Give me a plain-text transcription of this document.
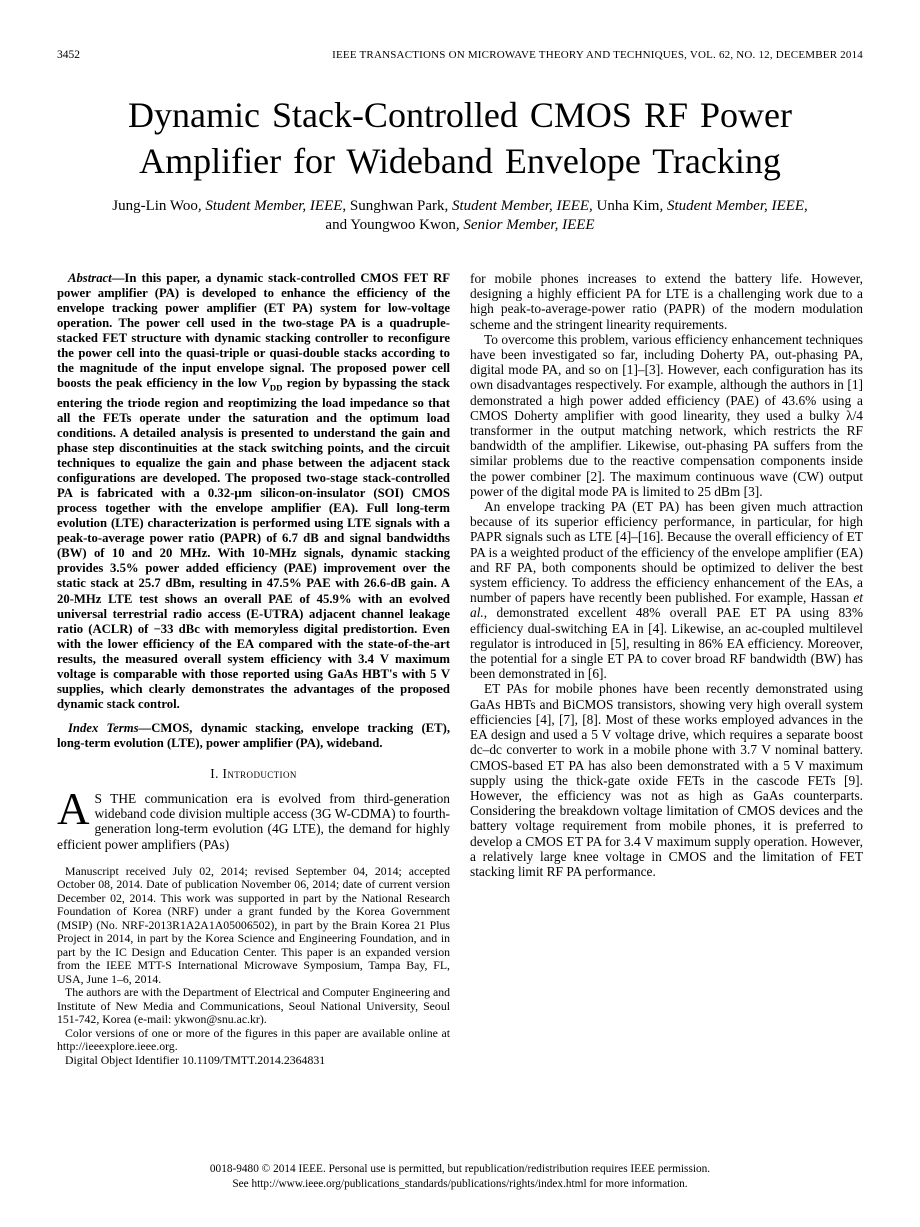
3452	IEEE TRANSACTIONS ON MICROWAVE THEORY AND TECHNIQUES, VOL. 62, NO. 12, DECEMBER 2014
Dynamic Stack-Controlled CMOS RF Power
Amplifier for Wideband Envelope Tracking
Jung-Lin Woo, Student Member, IEEE, Sunghwan Park, Student Member, IEEE, Unha Kim, Student Member, IEEE,
and Youngwoo Kwon, Senior Member, IEEE

Abstract—In this paper, a dynamic stack-controlled CMOS FET RF power amplifier (PA) is developed to enhance the efficiency of the envelope tracking power amplifier (ET PA) system for low-voltage operation. The power cell used in the two-stage PA is a quadruple-stacked FET structure with dynamic stacking controller to reconfigure the power cell into the quasi-triple or quasi-double stacks according to the magnitude of the input envelope signal. The proposed power cell boosts the peak efficiency in the low $V_{DD}$ region by bypassing the stack entering the triode region and reoptimizing the load impedance so that all the FETs operate under the saturation and the optimum load conditions. A detailed analysis is presented to understand the gain and phase step discontinuities at the stack switching points, and the circuit techniques to equalize the gain and phase between the adjacent stack configurations are developed. The proposed two-stage stack-controlled PA is fabricated with a 0.32-μm silicon-on-insulator (SOI) CMOS process together with the envelope amplifier (EA). Full long-term evolution (LTE) characterization is performed using LTE signals with a peak-to-average power ratio (PAPR) of 6.7 dB and signal bandwidths (BW) of 10 and 20 MHz. With 10-MHz signals, dynamic stacking provides 3.5% power added efficiency (PAE) improvement over the static stack at 25.7 dBm, resulting in 47.5% PAE with 26.6-dB gain. A 20-MHz LTE test shows an overall PAE of 45.9% with an evolved universal terrestrial radio access (E-UTRA) adjacent channel leakage ratio (ACLR) of −33 dBc with memoryless digital predistortion. Even with the lower efficiency of the EA compared with the state-of-the-art results, the measured overall system efficiency with 3.4 V maximum voltage is comparable with those reported using GaAs HBT's with 5 V supplies, which clearly demonstrates the advantages of the proposed dynamic stack control.

Index Terms—CMOS, dynamic stacking, envelope tracking (ET), long-term evolution (LTE), power amplifier (PA), wideband.

I. Introduction

A S THE communication era is evolved from third-generation wideband code division multiple access (3G W-CDMA) to fourth-generation long-term evolution (4G LTE), the demand for highly efficient power amplifiers (PAs)

Manuscript received July 02, 2014; revised September 04, 2014; accepted October 08, 2014. Date of publication November 06, 2014; date of current version December 02, 2014. This work was supported in part by the National Research Foundation of Korea (NRF) under a grant funded by the Korea Government (MSIP) (No. NRF-2013R1A2A1A05006502), in part by the Brain Korea 21 Plus Project in 2014, in part by the Korea Science and Engineering Foundation, and in part by the IC Design and Education Center. This paper is an expanded version from the IEEE MTT-S International Microwave Symposium, Tampa Bay, FL, USA, June 1–6, 2014.

The authors are with the Department of Electrical and Computer Engineering and Institute of New Media and Communications, Seoul National University, Seoul 151-742, Korea (e-mail: ykwon@snu.ac.kr).

Color versions of one or more of the figures in this paper are available online at http://ieeexplore.ieee.org.

Digital Object Identifier 10.1109/TMTT.2014.2364831

for mobile phones increases to extend the battery life. However, designing a highly efficient PA for LTE is a challenging work due to a high peak-to-average-power ratio (PAPR) of the modern modulation scheme and the stringent linearity requirements.

To overcome this problem, various efficiency enhancement techniques have been investigated so far, including Doherty PA, out-phasing PA, digital mode PA, and so on [1]–[3]. However, each configuration has its own disadvantages respectively. For example, although the authors in [1] demonstrated a high power added efficiency (PAE) of 43.6% using a CMOS Doherty amplifier with good linearity, they used a bulky λ/4 transformer in the output matching network, which restricts the RF bandwidth of the amplifier. Likewise, out-phasing PA suffers from the similar problems due to the reactive compensation components inside the power combiner [2]. The maximum continuous wave (CW) output power of the digital mode PA is limited to 25 dBm [3].

An envelope tracking PA (ET PA) has been given much attraction because of its superior efficiency performance, in particular, for high PAPR signals such as LTE [4]–[16]. Because the overall efficiency of ET PA is a weighted product of the efficiency of the envelope amplifier (EA) and RF PA, both components should be optimized to deliver the best system efficiency. To address the efficiency enhancement of the EAs, a number of papers have recently been published. For example, Hassan et al., demonstrated excellent 48% overall PAE ET PA using 83% efficiency dual-switching EA in [4]. Likewise, an ac-coupled multilevel regulator is introduced in [5], resulting in 86% EA efficiency. Moreover, the potential for a single ET PA to cover broad RF bandwidth (BW) has been demonstrated in [6].

ET PAs for mobile phones have been recently demonstrated using GaAs HBTs and BiCMOS transistors, showing very high overall system efficiencies [4], [7], [8]. Most of these works employed advances in the EA design and used a 5 V voltage drive, which requires a separate boost dc–dc converter to work in a mobile phone with 3.7 V nominal battery. CMOS-based ET PA has also been demonstrated with a 5 V maximum supply using the thick-gate oxide FETs in the cascode FETs [9]. However, the efficiency was not as high as GaAs counterparts. Considering the breakdown voltage limitation of CMOS devices and the battery voltage requirement from mobile phones, it is preferred to develop a CMOS ET PA for 3.4 V maximum supply operation. However, a relatively large knee voltage in CMOS and the limitation of FET stacking limit RF PA performance.

0018-9480 © 2014 IEEE. Personal use is permitted, but republication/redistribution requires IEEE permission.
See http://www.ieee.org/publications_standards/publications/rights/index.html for more information.
